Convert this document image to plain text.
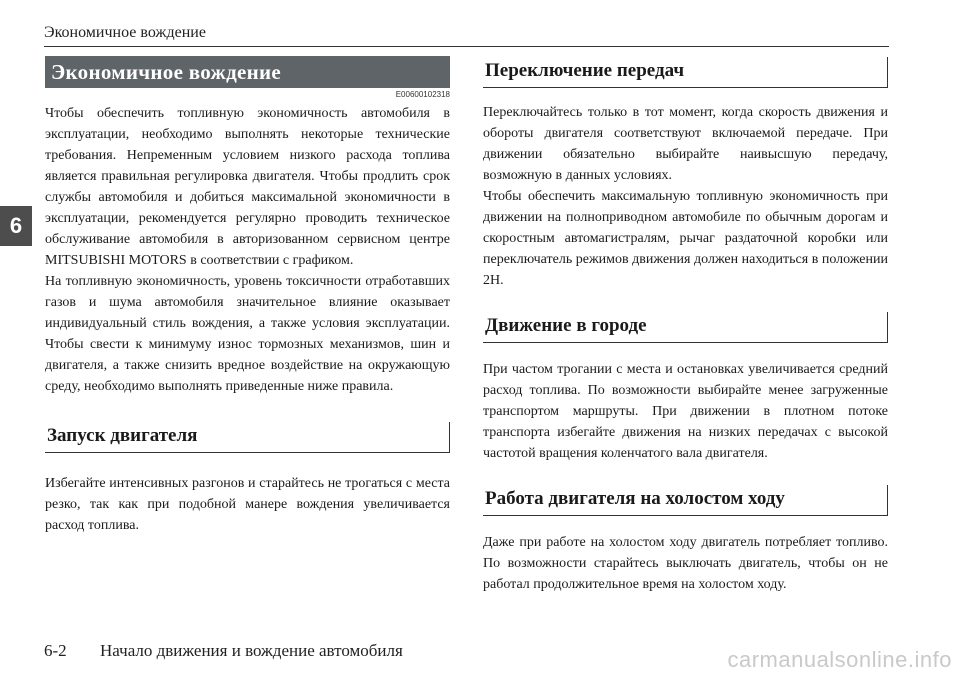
Экономичное вождение
6
Экономичное вождение
E00600102318

Чтобы обеспечить топливную экономичность автомобиля в эксплуатации, необходимо выполнять некоторые технические требования. Непременным условием низкого расхода топлива является правильная регулировка двигателя. Чтобы продлить срок службы автомобиля и добиться максимальной экономичности в эксплуатации, рекомендуется регулярно проводить техническое обслуживание автомобиля в авторизованном сервисном центре MITSUBISHI MOTORS в соответствии с графиком.
На топливную экономичность, уровень токсичности отработавших газов и шума автомобиля значительное влияние оказывает индивидуальный стиль вождения, а также условия эксплуатации. Чтобы свести к минимуму износ тормозных механизмов, шин и двигателя, а также снизить вредное воздействие на окружающую среду, необходимо выполнять приведенные ниже правила.

Запуск двигателя

Избегайте интенсивных разгонов и старайтесь не трогаться с места резко, так как при подобной манере вождения увеличивается расход топлива.

Переключение передач

Переключайтесь только в тот момент, когда скорость движения и обороты двигателя соответствуют включаемой передаче. При движении обязательно выбирайте наивысшую передачу, возможную в данных условиях.
Чтобы обеспечить максимальную топливную экономичность при движении на полноприводном автомобиле по обычным дорогам и скоростным автомагистралям, рычаг раздаточной коробки или переключатель режимов движения должен находиться в положении 2H.

Движение в городе

При частом трогании с места и остановках увеличивается средний расход топлива. По возможности выбирайте менее загруженные транспортом маршруты. При движении в плотном потоке транспорта избегайте движения на низких передачах с высокой частотой вращения коленчатого вала двигателя.

Работа двигателя на холостом ходу

Даже при работе на холостом ходу двигатель потребляет топливо. По возможности старайтесь выключать двигатель, чтобы он не работал продолжительное время на холостом ходу.

6-2 Начало движения и вождение автомобиля	carmanualsonline.info
